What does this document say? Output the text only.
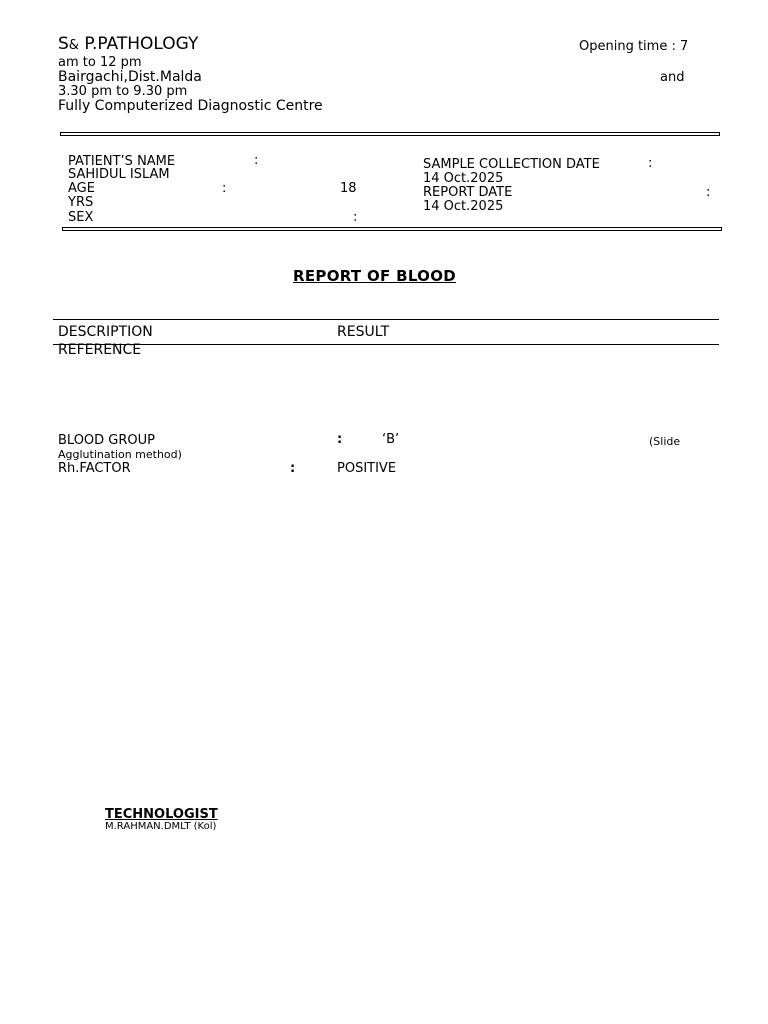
S& P.PATHOLOGY	Opening time : 7
am to 12 pm
Bairgachi,Dist.Malda	and
3.30 pm to 9.30 pm
Fully Computerized Diagnostic Centre
PATIENT’S NAME	:
SAHIDUL ISLAM
AGE	:	18
YRS
SAMPLE COLLECTION DATE	:
14 Oct.2025
REPORT DATE	:
14 Oct.2025
SEX	:
REPORT OF BLOOD
DESCRIPTION	RESULT
REFERENCE
BLOOD GROUP	:	‘B’	(Slide
Agglutination method)
Rh.FACTOR	:	POSITIVE
TECHNOLOGIST
M.RAHMAN.DMLT (Kol)
